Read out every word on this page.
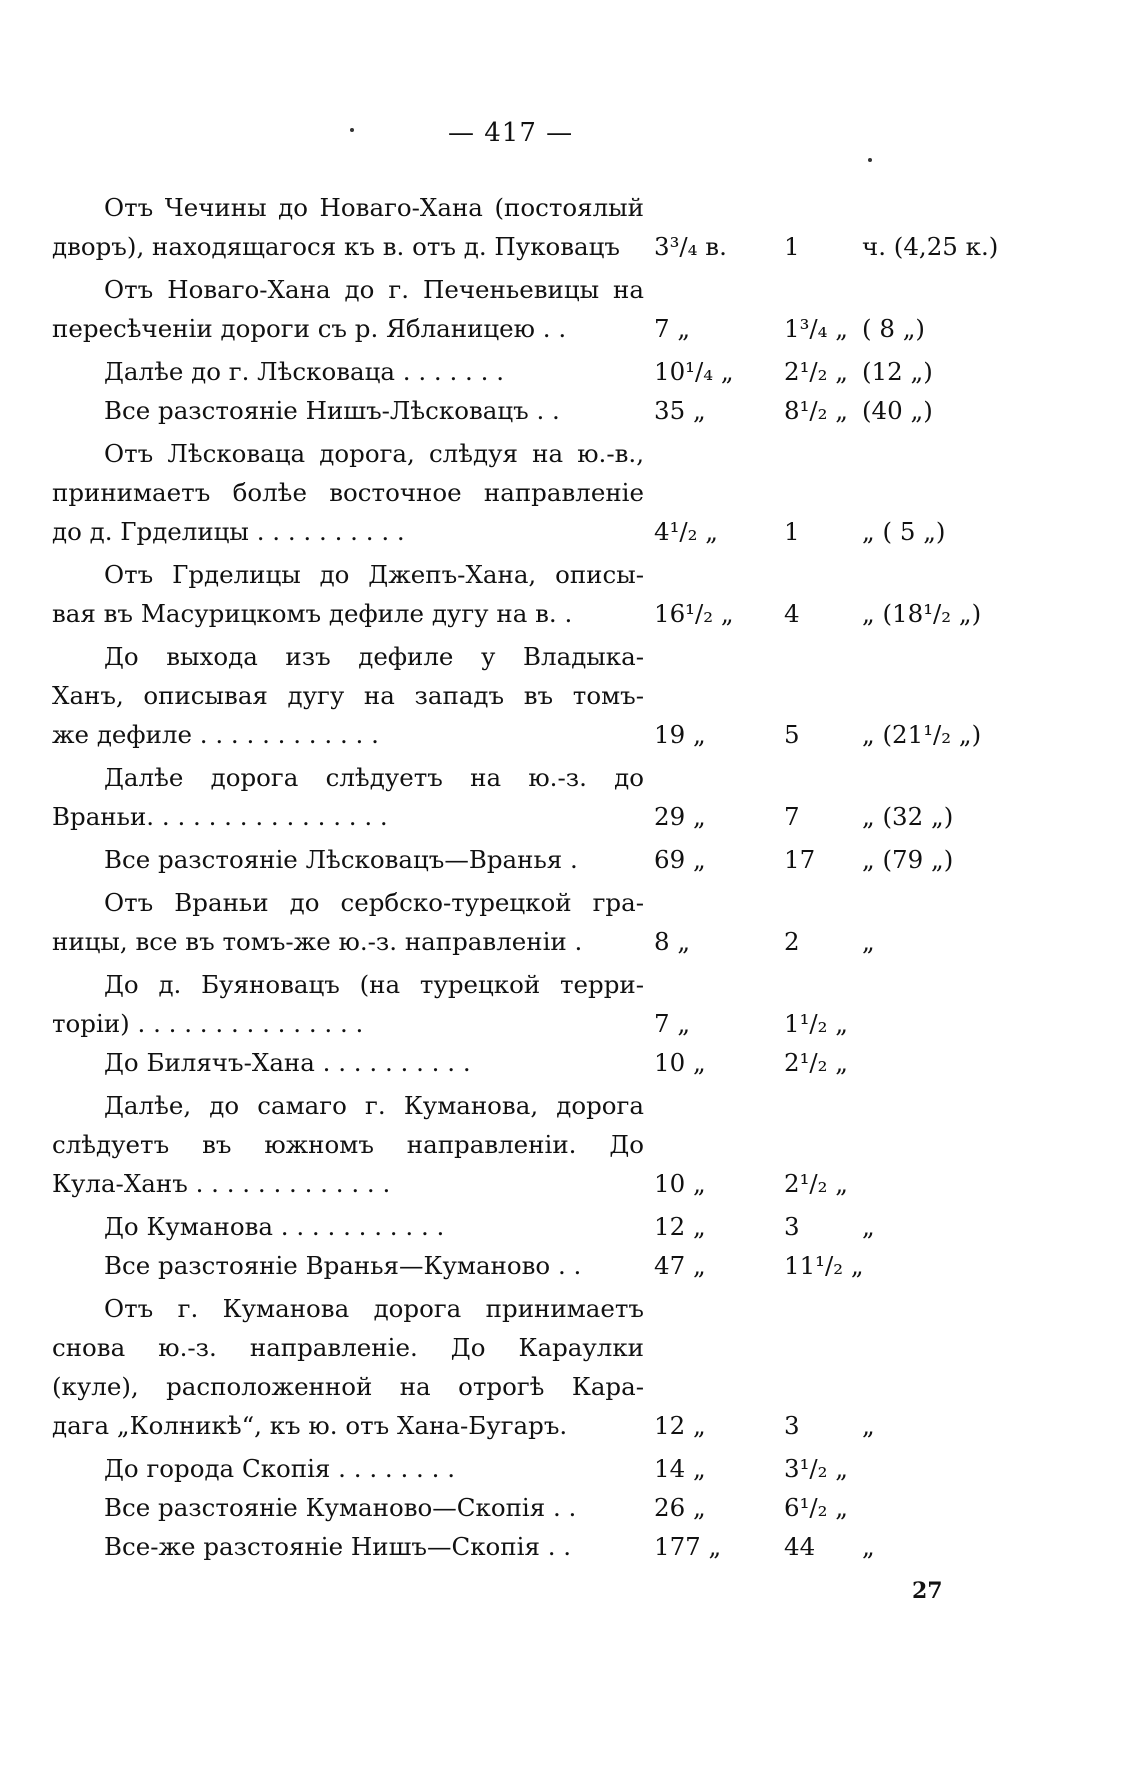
— 417 —
Отъ Чечины до Новаго-Хана (постоялый
дворъ), находящагося къ в. отъ д. Пуковацъ	3³/₄ в.	1	ч. (4,25 к.)
Отъ Новаго-Хана до г. Печеньевицы на
пересѣченіи дороги съ р. Ябланицею . .	7 „	1³/₄ „ ( 8 „)
Далѣе до г. Лѣсковаца . . . . . . .	10¹/₄ „	2¹/₂ „ (12 „)
Все разстояніе Нишъ-Лѣсковацъ . .	35 „	8¹/₂ „ (40 „)
Отъ Лѣсковаца дорога, слѣдуя на ю.-в.,
принимаетъ болѣе восточное направленіе
до д. Грделицы . . . . . . . . . .	4¹/₂ „	1	„ ( 5 „)
Отъ Грделицы до Джепъ-Хана, описы-
вая въ Масурицкомъ дефиле дугу на в. .	16¹/₂ „	4	„ (18¹/₂ „)
До выхода изъ дефиле у Владыка-
Ханъ, описывая дугу на западъ въ томъ-
же дефиле . . . . . . . . . . . .	19 „	5	„ (21¹/₂ „)
Далѣе дорога слѣдуетъ на ю.-з. до
Враньи. . . . . . . . . . . . . . . .	29 „	7	„ (32 „)
Все разстояніе Лѣсковацъ—Вранья .	69 „	17	„ (79 „)
Отъ Враньи до сербско-турецкой гра-
ницы, все въ томъ-же ю.-з. направленіи .	8 „	2	„
До д. Буяновацъ (на турецкой терри-
торіи) . . . . . . . . . . . . . . .	7 „	1¹/₂ „
До Билячъ-Хана . . . . . . . . . .	10 „	2¹/₂ „
Далѣе, до самаго г. Куманова, дорога
слѣдуетъ въ южномъ направленіи. До
Кула-Ханъ . . . . . . . . . . . . .	10 „	2¹/₂ „
До Куманова . . . . . . . . . . .	12 „	3	„
Все разстояніе Вранья—Куманово . .	47 „	11¹/₂ „
Отъ г. Куманова дорога принимаетъ
снова ю.-з. направленіе. До Караулки
(куле), расположенной на отрогѣ Кара-
дага „Колникѣ“, къ ю. отъ Хана-Бугаръ.	12 „	3	„
До города Скопія . . . . . . . .	14 „	3¹/₂ „
Все разстояніе Куманово—Скопія . .	26 „	6¹/₂ „
Все-же разстояніе Нишъ—Скопія . .	177 „	44	„
27
